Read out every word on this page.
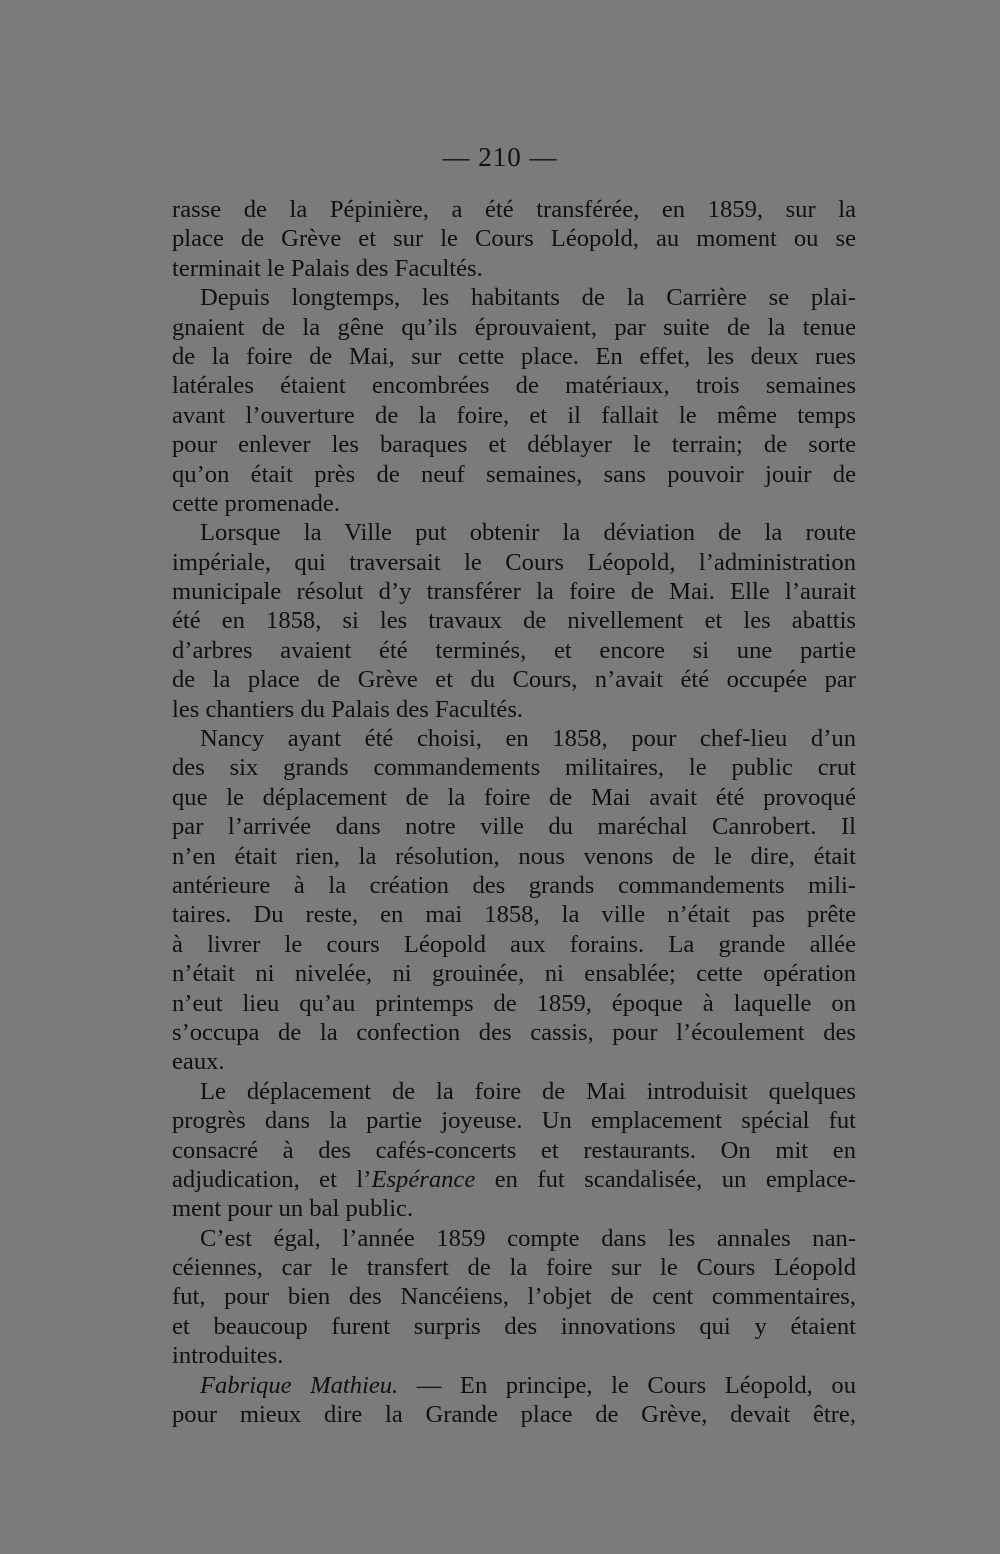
— 210 —
rasse de la Pépinière, a été transférée, en 1859, sur la
place de Grève et sur le Cours Léopold, au moment ou se
terminait le Palais des Facultés.
Depuis longtemps, les habitants de la Carrière se plai-
gnaient de la gêne qu’ils éprouvaient, par suite de la tenue
de la foire de Mai, sur cette place. En effet, les deux rues
latérales étaient encombrées de matériaux, trois semaines
avant l’ouverture de la foire, et il fallait le même temps
pour enlever les baraques et déblayer le terrain; de sorte
qu’on était près de neuf semaines, sans pouvoir jouir de
cette promenade.
Lorsque la Ville put obtenir la déviation de la route
impériale, qui traversait le Cours Léopold, l’administration
municipale résolut d’y transférer la foire de Mai. Elle l’aurait
été en 1858, si les travaux de nivellement et les abattis
d’arbres avaient été terminés, et encore si une partie
de la place de Grève et du Cours, n’avait été occupée par
les chantiers du Palais des Facultés.
Nancy ayant été choisi, en 1858, pour chef-lieu d’un
des six grands commandements militaires, le public crut
que le déplacement de la foire de Mai avait été provoqué
par l’arrivée dans notre ville du maréchal Canrobert. Il
n’en était rien, la résolution, nous venons de le dire, était
antérieure à la création des grands commandements mili-
taires. Du reste, en mai 1858, la ville n’était pas prête
à livrer le cours Léopold aux forains. La grande allée
n’était ni nivelée, ni grouinée, ni ensablée; cette opération
n’eut lieu qu’au printemps de 1859, époque à laquelle on
s’occupa de la confection des cassis, pour l’écoulement des
eaux.
Le déplacement de la foire de Mai introduisit quelques
progrès dans la partie joyeuse. Un emplacement spécial fut
consacré à des cafés-concerts et restaurants. On mit en
adjudication, et l’Espérance en fut scandalisée, un emplace-
ment pour un bal public.
C’est égal, l’année 1859 compte dans les annales nan-
céiennes, car le transfert de la foire sur le Cours Léopold
fut, pour bien des Nancéiens, l’objet de cent commentaires,
et beaucoup furent surpris des innovations qui y étaient
introduites.
Fabrique Mathieu. — En principe, le Cours Léopold, ou
pour mieux dire la Grande place de Grève, devait être,
